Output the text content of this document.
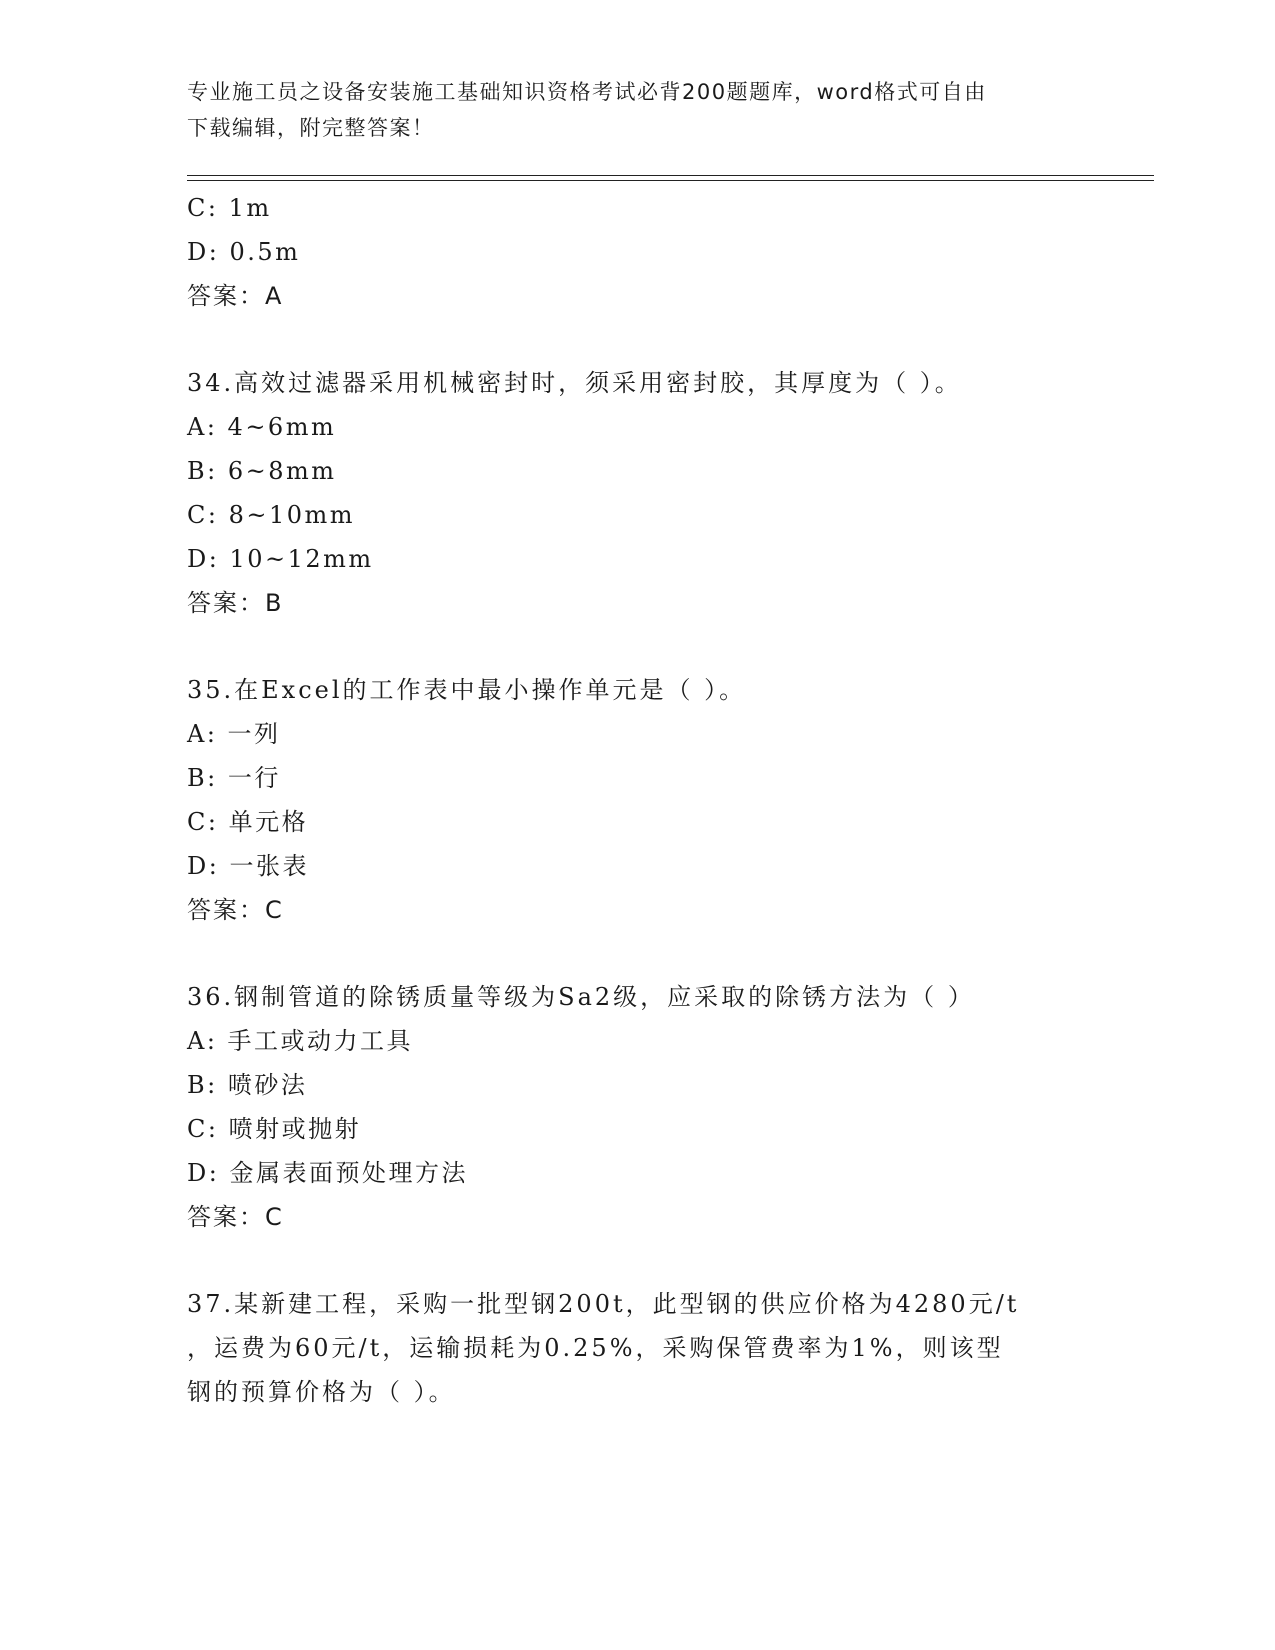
专业施工员之设备安装施工基础知识资格考试必背200题题库，word格式可自由
下载编辑，附完整答案！
C: 1m
D: 0.5m
答案：A
34.高效过滤器采用机械密封时，须采用密封胶，其厚度为（ ）。
A: 4~6mm
B: 6~8mm
C: 8~10mm
D: 10~12mm
答案：B
35.在Excel的工作表中最小操作单元是（ ）。
A: 一列
B: 一行
C: 单元格
D: 一张表
答案：C
36.钢制管道的除锈质量等级为Sa2级，应采取的除锈方法为（ ）
A: 手工或动力工具
B: 喷砂法
C: 喷射或抛射
D: 金属表面预处理方法
答案：C
37.某新建工程，采购一批型钢200t，此型钢的供应价格为4280元/t
，运费为60元/t，运输损耗为0.25%，采购保管费率为1%，则该型
钢的预算价格为（ ）。
